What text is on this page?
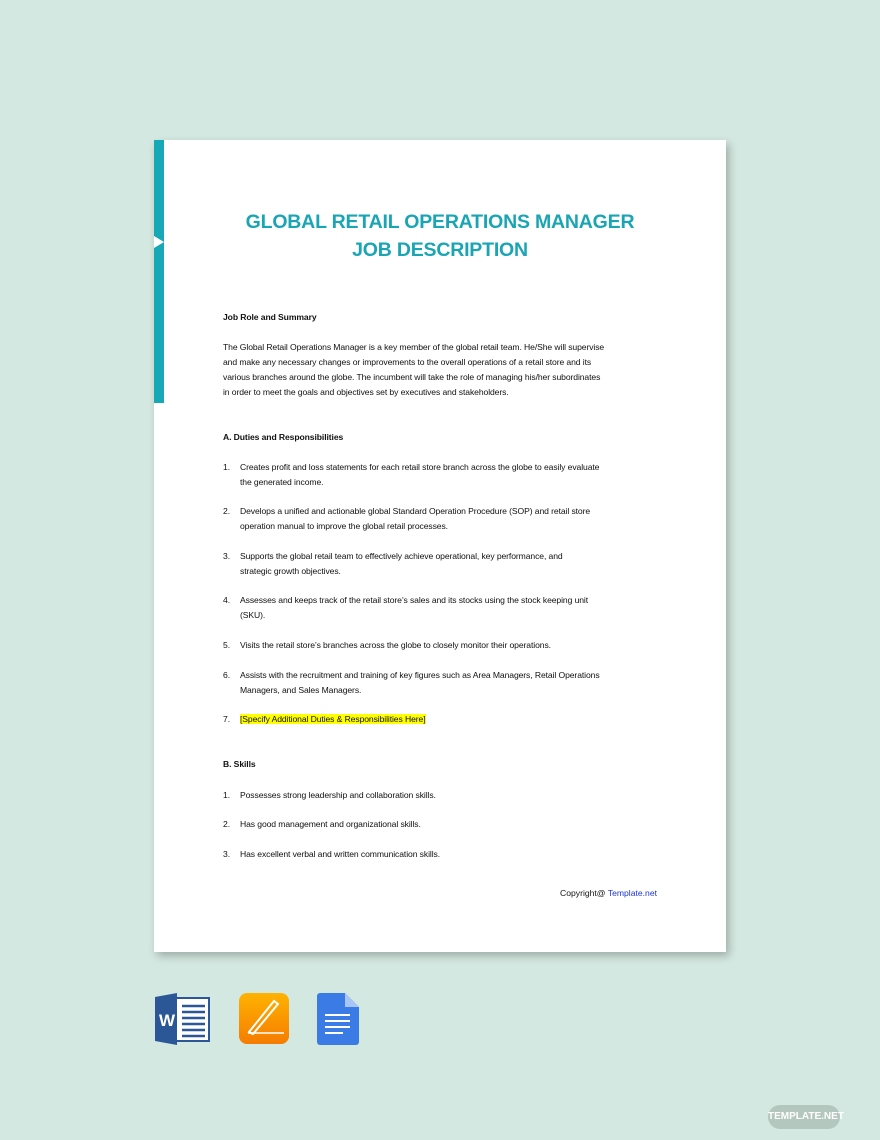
GLOBAL RETAIL OPERATIONS MANAGER
JOB DESCRIPTION
Job Role and Summary
The Global Retail Operations Manager is a key member of the global retail team. He/She will supervise
and make any necessary changes or improvements to the overall operations of a retail store and its
various branches around the globe. The incumbent will take the role of managing his/her subordinates
in order to meet the goals and objectives set by executives and stakeholders.
A. Duties and Responsibilities
1. Creates profit and loss statements for each retail store branch across the globe to easily evaluate
the generated income.
2. Develops a unified and actionable global Standard Operation Procedure (SOP) and retail store
operation manual to improve the global retail processes.
3. Supports the global retail team to effectively achieve operational, key performance, and
strategic growth objectives.
4. Assesses and keeps track of the retail store’s sales and its stocks using the stock keeping unit
(SKU).
5. Visits the retail store’s branches across the globe to closely monitor their operations.
6. Assists with the recruitment and training of key figures such as Area Managers, Retail Operations
Managers, and Sales Managers.
7. [Specify Additional Duties & Responsibilities Here]
B. Skills
1. Possesses strong leadership and collaboration skills.
2. Has good management and organizational skills.
3. Has excellent verbal and written communication skills.
Copyright@ Template.net
W
TEMPLATE.NET
